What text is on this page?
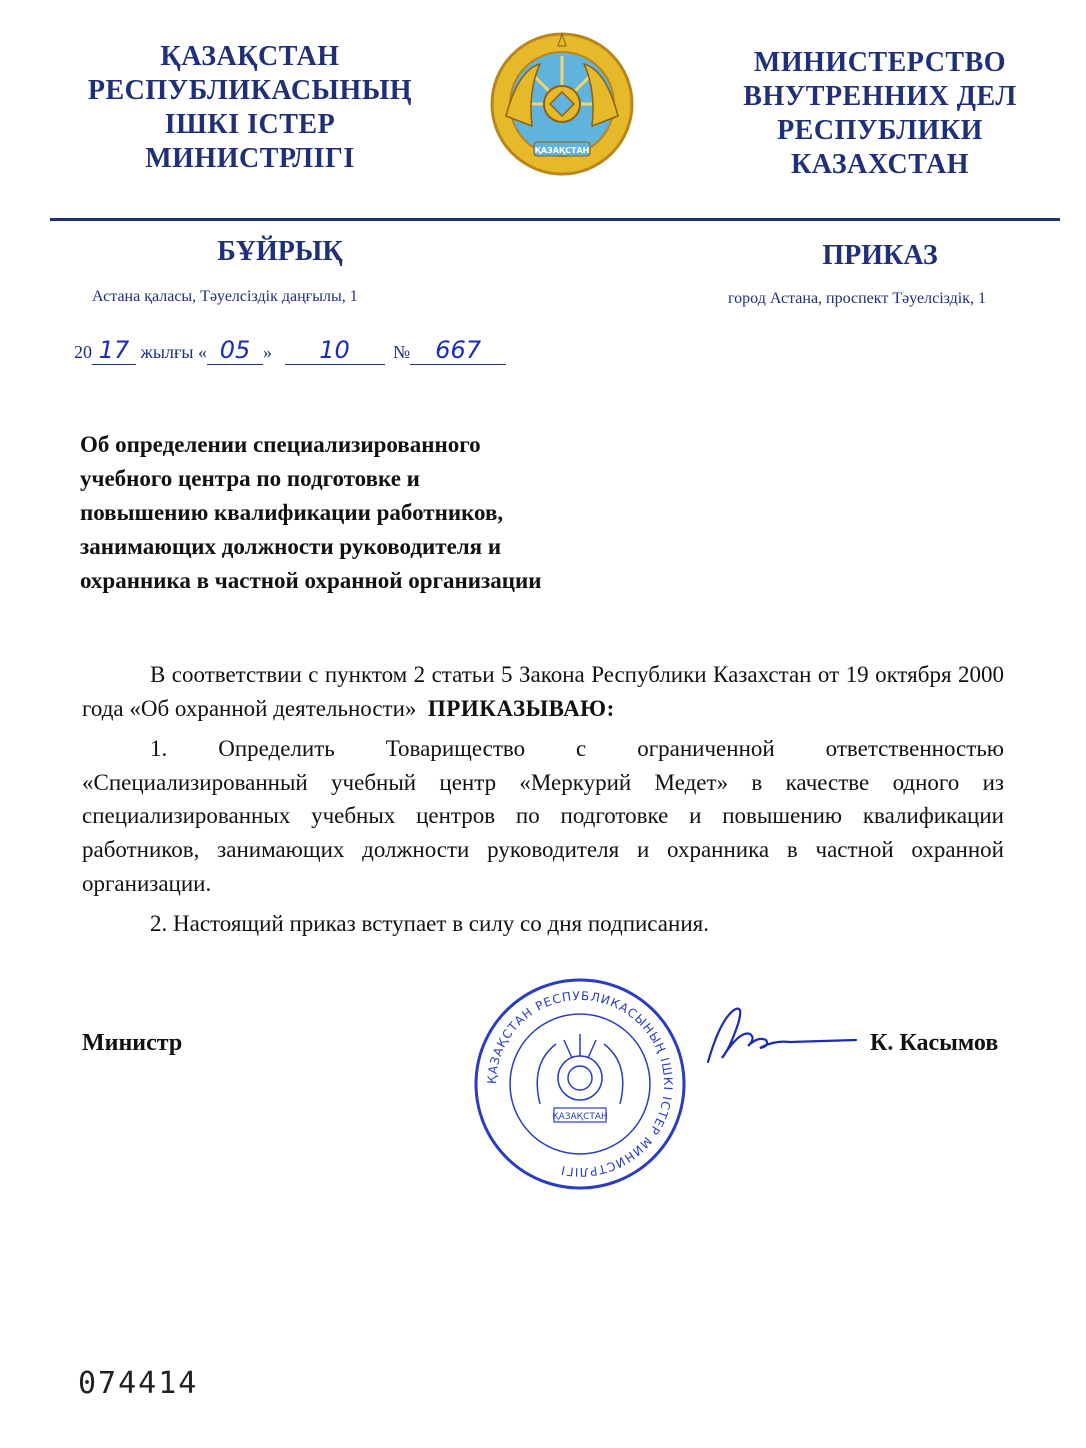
ҚАЗАҚСТАН
РЕСПУБЛИКАСЫНЫҢ
ІШКІ ІСТЕР
МИНИСТРЛІГІ	ҚАЗАҚСТАН
МИНИСТЕРСТВО
ВНУТРЕННИХ ДЕЛ
РЕСПУБЛИКИ
КАЗАХСТАН
БҰЙРЫҚ	ПРИКАЗ
Астана қаласы, Тәуелсіздік даңғылы, 1	город Астана, проспект Тәуелсіздік, 1
20 17 жылғы « 05 » 10 № 667
Об определении специализированного
учебного центра по подготовке и
повышению квалификации работников,
занимающих должности руководителя и
охранника в частной охранной организации

В соответствии с пунктом 2 статьи 5 Закона Республики Казахстан от 19 октября 2000 года «Об охранной деятельности» ПРИКАЗЫВАЮ:

1. Определить Товарищество с ограниченной ответственностью «Специализированный учебный центр «Меркурий Медет» в качестве одного из специализированных учебных центров по подготовке и повышению квалификации работников, занимающих должности руководителя и охранника в частной охранной организации.

2. Настоящий приказ вступает в силу со дня подписания.

Министр
ҚАЗАҚСТАН РЕСПУБЛИКАСЫНЫҢ ІШКІ ІСТЕР МИНИСТРЛІГІ
ҚАЗАҚСТАН
К. Касымов
074414
